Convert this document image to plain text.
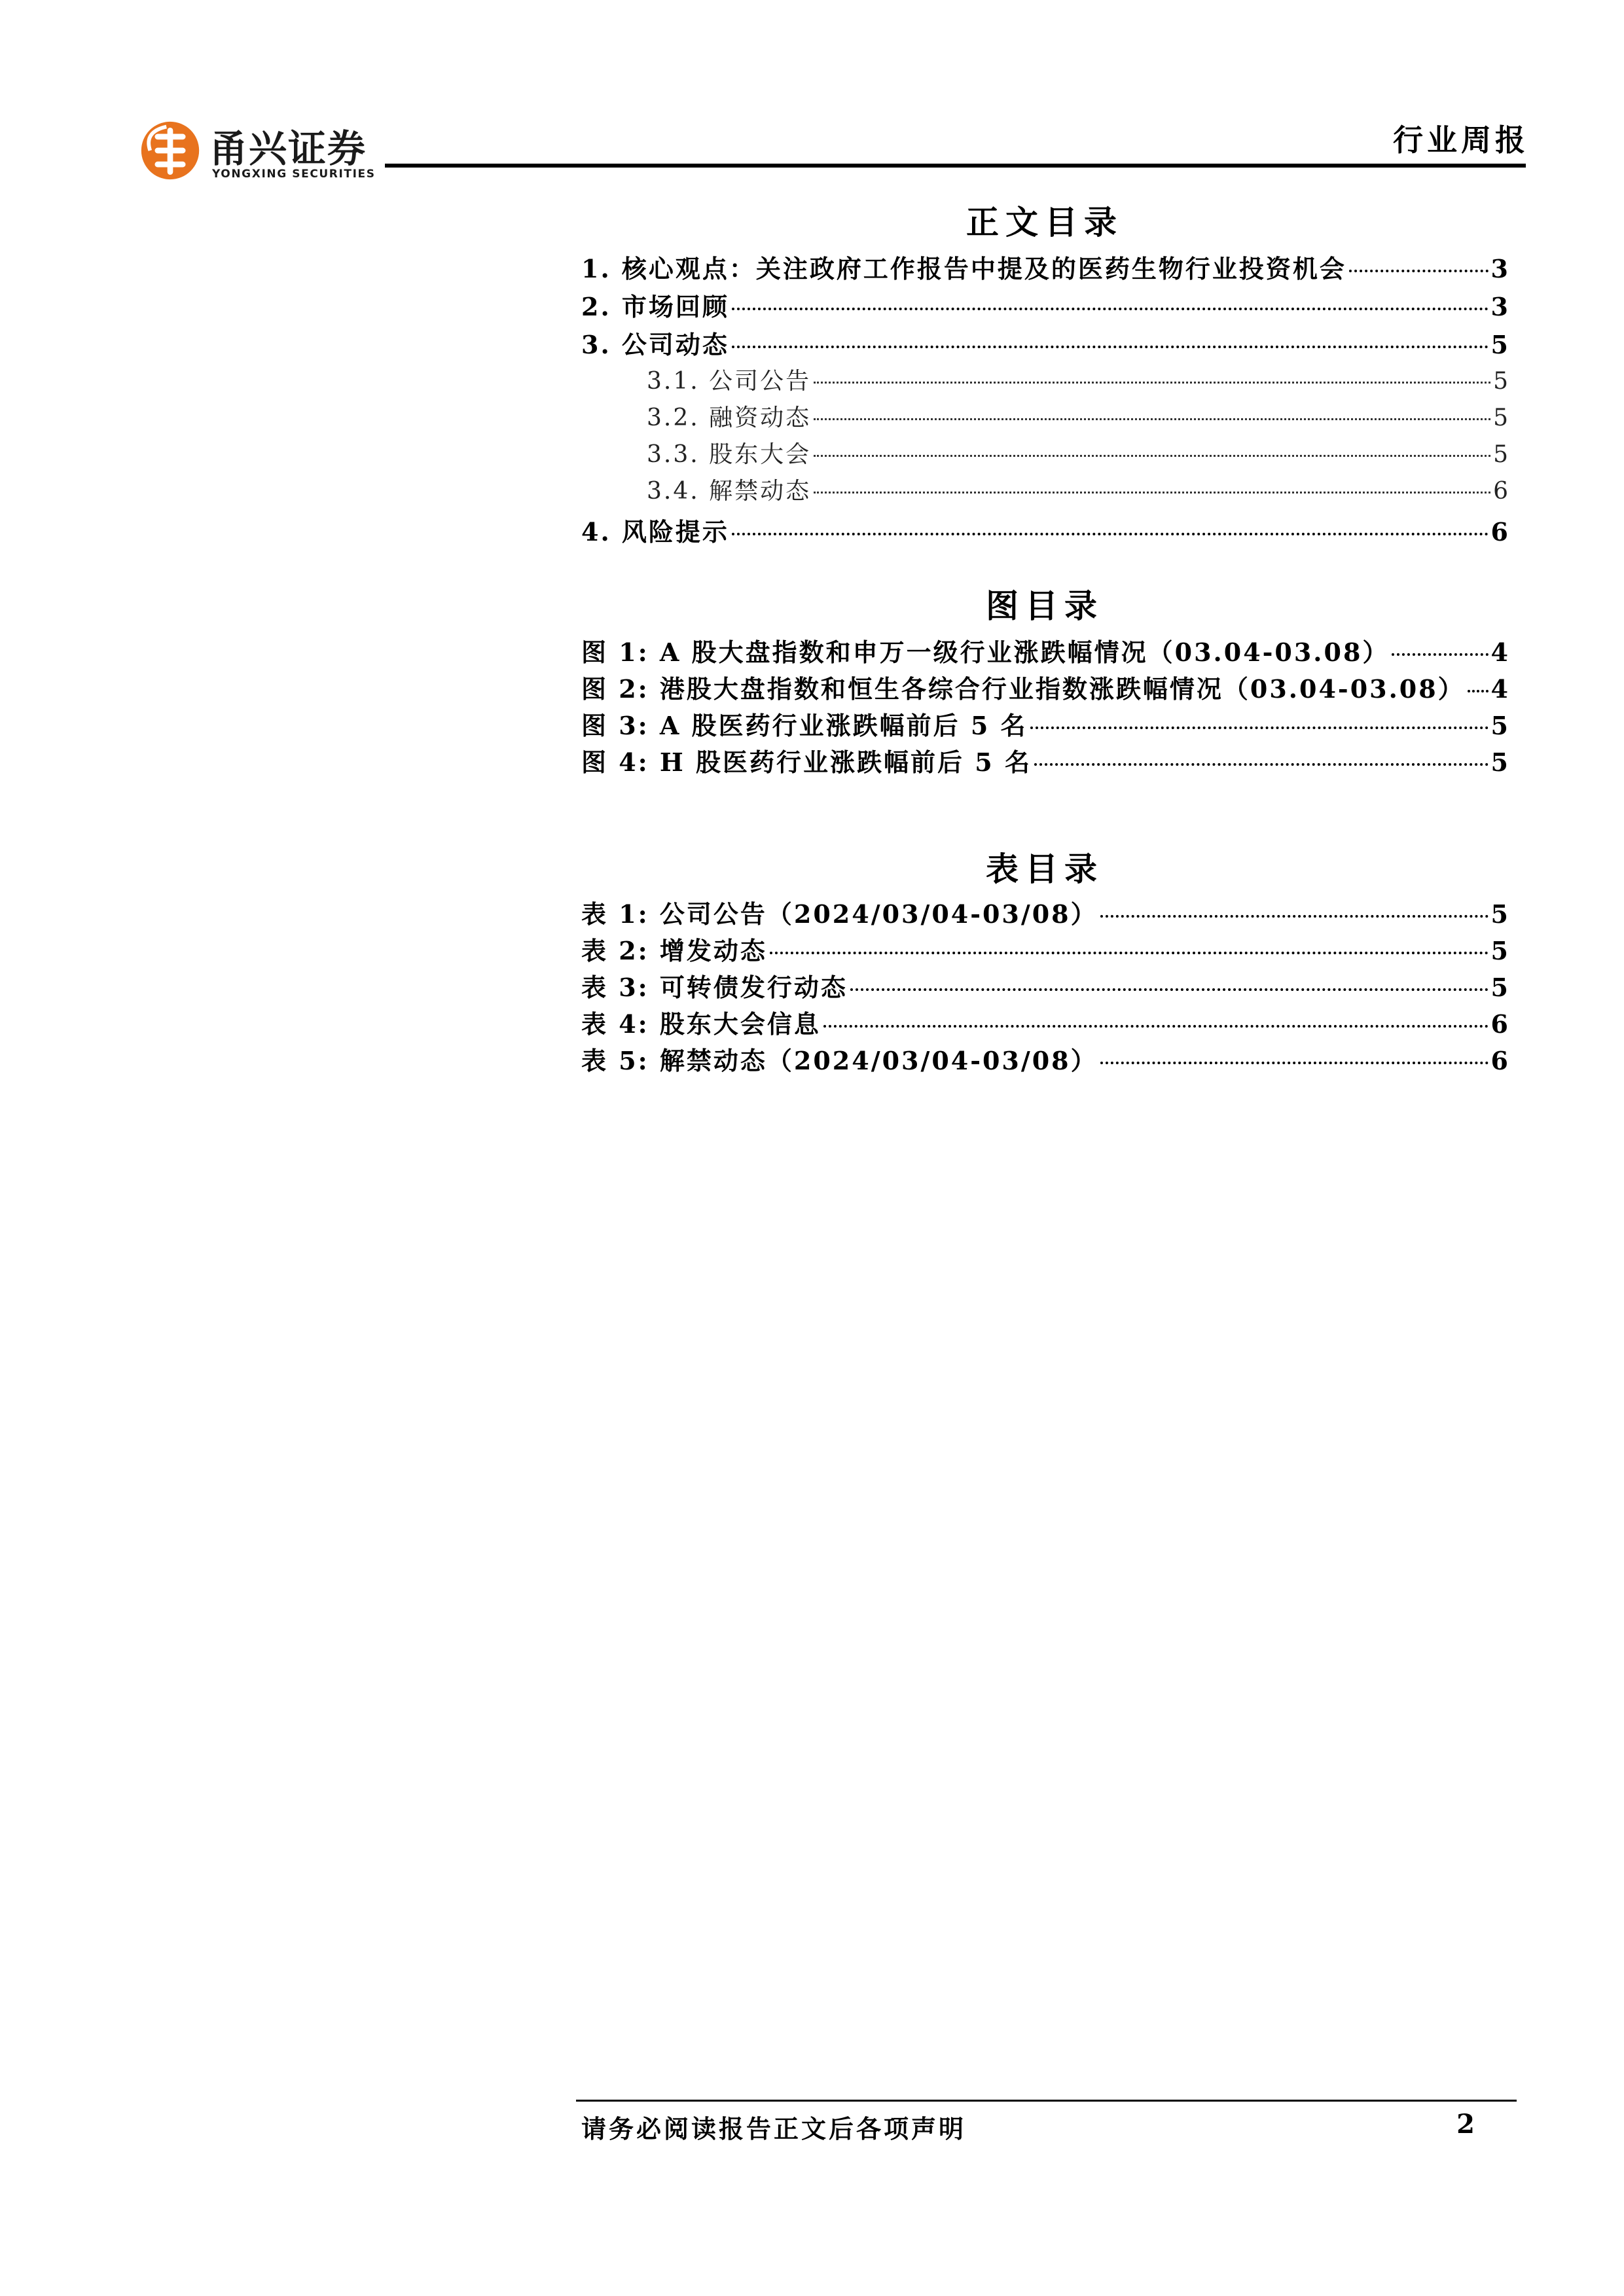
甬兴证券
YONGXING SECURITIES
行业周报
正文目录
1. 核心观点：关注政府工作报告中提及的医药生物行业投资机会	3
2. 市场回顾	3
3. 公司动态	5
3.1. 公司公告	5
3.2. 融资动态	5
3.3. 股东大会	5
3.4. 解禁动态	6
4. 风险提示	6
图目录
图 1: A 股大盘指数和申万一级行业涨跌幅情况（03.04-03.08）	4
图 2: 港股大盘指数和恒生各综合行业指数涨跌幅情况（03.04-03.08） 4
图 3: A 股医药行业涨跌幅前后 5 名	5
图 4: H 股医药行业涨跌幅前后 5 名	5
表目录
表 1: 公司公告（2024/03/04-03/08）	5
表 2: 增发动态	5
表 3: 可转债发行动态	5
表 4: 股东大会信息	6
表 5: 解禁动态（2024/03/04-03/08）	6
请务必阅读报告正文后各项声明	2
